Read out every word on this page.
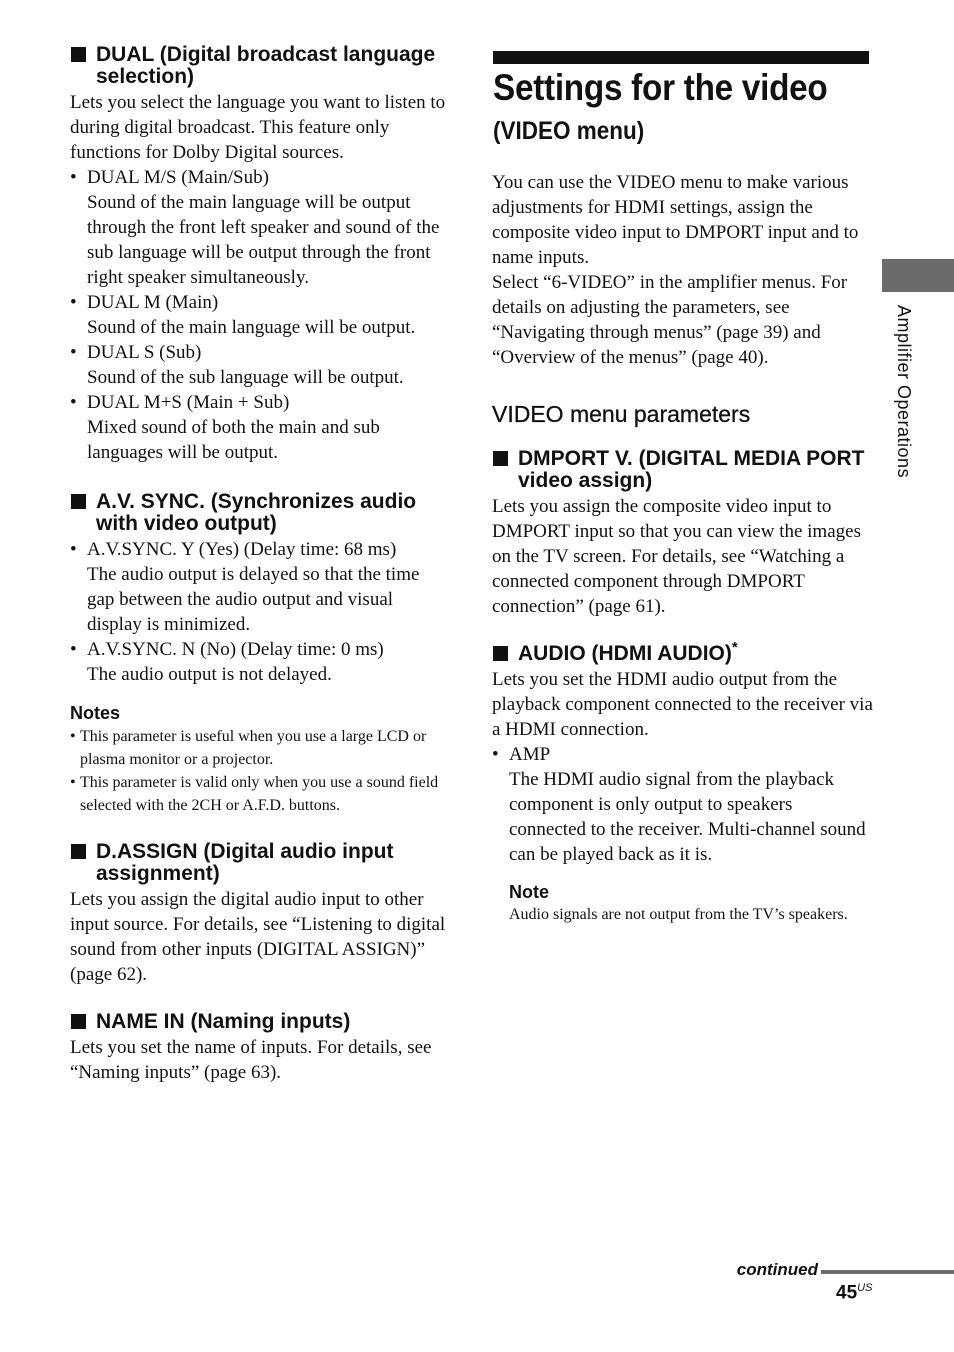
DUAL (Digital broadcast language selection)

Lets you select the language you want to listen to during digital broadcast. This feature only functions for Dolby Digital sources.

• DUAL M/S (Main/Sub)
Sound of the main language will be output through the front left speaker and sound of the sub language will be output through the front right speaker simultaneously.
• DUAL M (Main)
Sound of the main language will be output.
• DUAL S (Sub)
Sound of the sub language will be output.
• DUAL M+S (Main + Sub)
Mixed sound of both the main and sub languages will be output.
A.V. SYNC. (Synchronizes audio with video output)
• A.V.SYNC. Y (Yes) (Delay time: 68 ms)
The audio output is delayed so that the time gap between the audio output and visual display is minimized.
• A.V.SYNC. N (No) (Delay time: 0 ms)
The audio output is not delayed.
Notes
• This parameter is useful when you use a large LCD or plasma monitor or a projector.
• This parameter is valid only when you use a sound field selected with the 2CH or A.F.D. buttons.
D.ASSIGN (Digital audio input assignment)

Lets you assign the digital audio input to other input source. For details, see “Listening to digital sound from other inputs (DIGITAL ASSIGN)” (page 62).

NAME IN (Naming inputs)

Lets you set the name of inputs. For details, see “Naming inputs” (page 63).

Settings for the video
(VIDEO menu)

You can use the VIDEO menu to make various adjustments for HDMI settings, assign the composite video input to DMPORT input and to name inputs.

Select “6-VIDEO” in the amplifier menus. For details on adjusting the parameters, see “Navigating through menus” (page 39) and “Overview of the menus” (page 40).

VIDEO menu parameters
DMPORT V. (DIGITAL MEDIA PORT video assign)

Lets you assign the composite video input to DMPORT input so that you can view the images on the TV screen. For details, see “Watching a connected component through DMPORT connection” (page 61).

AUDIO (HDMI AUDIO)*

Lets you set the HDMI audio output from the playback component connected to the receiver via a HDMI connection.

• AMP
The HDMI audio signal from the playback component is only output to speakers connected to the receiver. Multi-channel sound can be played back as it is.
Note

Audio signals are not output from the TV’s speakers.

Amplifier Operations
continued
$45^{US}$
